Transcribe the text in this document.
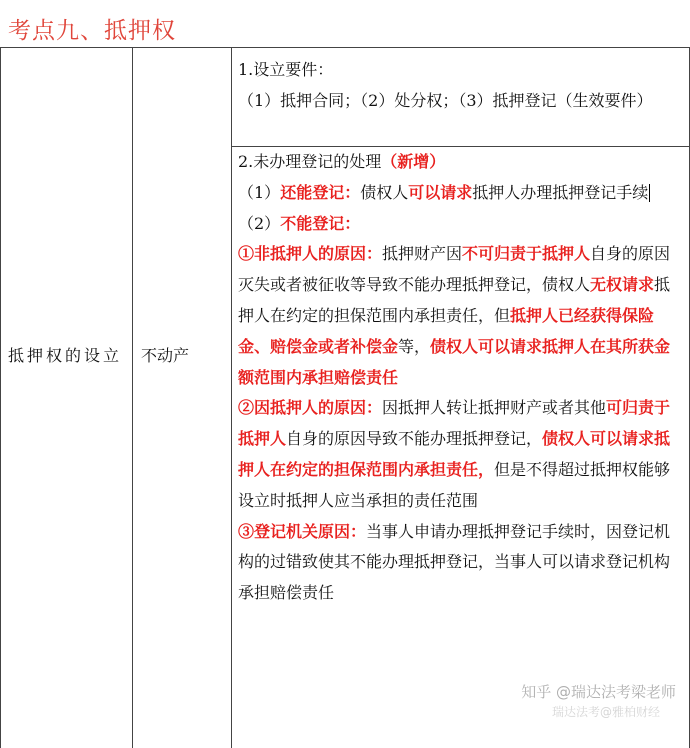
考点九、抵押权
抵押权的设立	不动产
1.设立要件：
（1）抵押合同；（2）处分权；（3）抵押登记（生效要件）
2.未办理登记的处理（新增）
（1）还能登记：债权人可以请求抵押人办理抵押登记手续
（2）不能登记：
①非抵押人的原因：抵押财产因不可归责于抵押人自身的原因灭失或者被征收等导致不能办理抵押登记，债权人无权请求抵押人在约定的担保范围内承担责任，但抵押人已经获得保险金、赔偿金或者补偿金等，债权人可以请求抵押人在其所获金额范围内承担赔偿责任
②因抵押人的原因：因抵押人转让抵押财产或者其他可归责于抵押人自身的原因导致不能办理抵押登记，债权人可以请求抵押人在约定的担保范围内承担责任，但是不得超过抵押权能够设立时抵押人应当承担的责任范围
③登记机关原因：当事人申请办理抵押登记手续时，因登记机构的过错致使其不能办理抵押登记，当事人可以请求登记机构承担赔偿责任
知乎 @瑞达法考梁老师
瑞达法考@雅柏财经
